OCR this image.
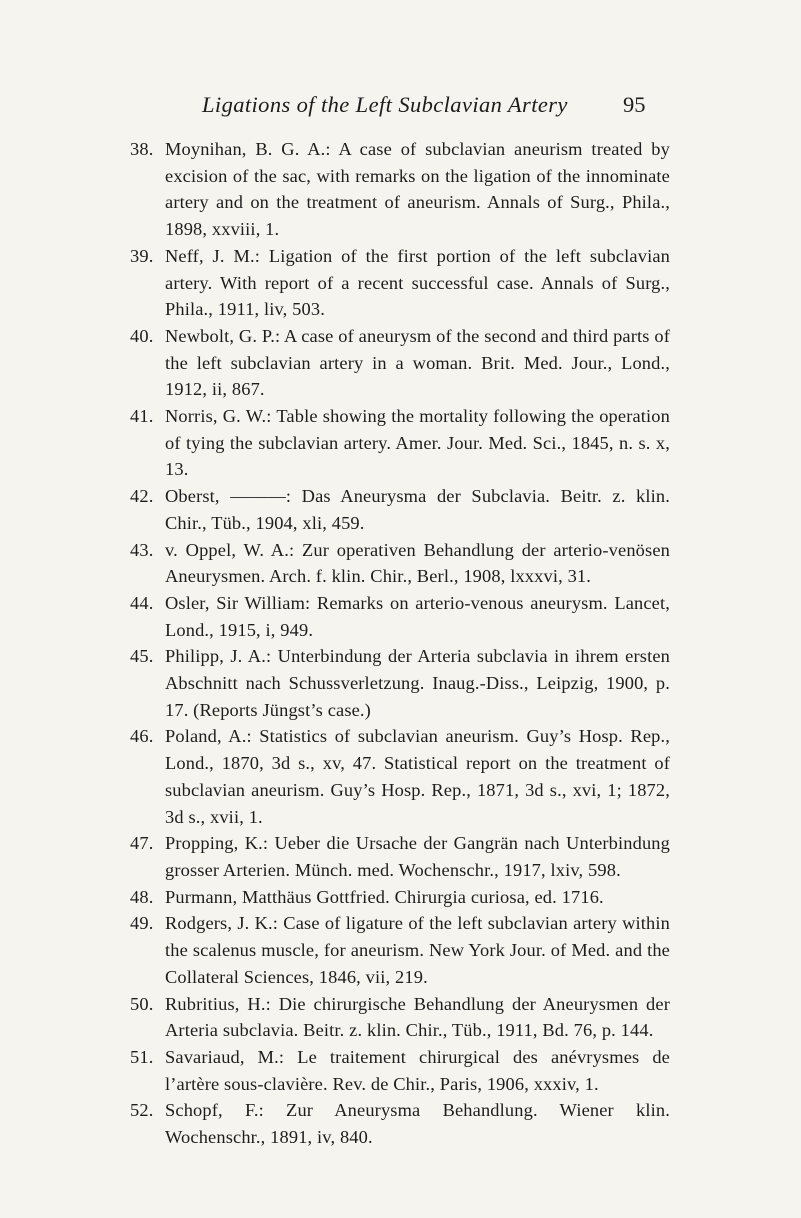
Ligations of the Left Subclavian Artery 95
38. Moynihan, B. G. A.: A case of subclavian aneurism treated by excision of the sac, with remarks on the ligation of the innominate artery and on the treatment of aneurism. Annals of Surg., Phila., 1898, xxviii, 1.
39. Neff, J. M.: Ligation of the first portion of the left subclavian artery. With report of a recent successful case. Annals of Surg., Phila., 1911, liv, 503.
40. Newbolt, G. P.: A case of aneurysm of the second and third parts of the left subclavian artery in a woman. Brit. Med. Jour., Lond., 1912, ii, 867.
41. Norris, G. W.: Table showing the mortality following the operation of tying the subclavian artery. Amer. Jour. Med. Sci., 1845, n. s. x, 13.
42. Oberst, ———: Das Aneurysma der Subclavia. Beitr. z. klin. Chir., Tüb., 1904, xli, 459.
43. v. Oppel, W. A.: Zur operativen Behandlung der arterio-venösen Aneurysmen. Arch. f. klin. Chir., Berl., 1908, lxxxvi, 31.
44. Osler, Sir William: Remarks on arterio-venous aneurysm. Lancet, Lond., 1915, i, 949.
45. Philipp, J. A.: Unterbindung der Arteria subclavia in ihrem ersten Abschnitt nach Schussverletzung. Inaug.-Diss., Leipzig, 1900, p. 17. (Reports Jüngst’s case.)
46. Poland, A.: Statistics of subclavian aneurism. Guy’s Hosp. Rep., Lond., 1870, 3d s., xv, 47. Statistical report on the treatment of subclavian aneurism. Guy’s Hosp. Rep., 1871, 3d s., xvi, 1; 1872, 3d s., xvii, 1.
47. Propping, K.: Ueber die Ursache der Gangrän nach Unterbindung grosser Arterien. Münch. med. Wochenschr., 1917, lxiv, 598.
48. Purmann, Matthäus Gottfried. Chirurgia curiosa, ed. 1716.
49. Rodgers, J. K.: Case of ligature of the left subclavian artery within the scalenus muscle, for aneurism. New York Jour. of Med. and the Collateral Sciences, 1846, vii, 219.
50. Rubritius, H.: Die chirurgische Behandlung der Aneurysmen der Arteria subclavia. Beitr. z. klin. Chir., Tüb., 1911, Bd. 76, p. 144.
51. Savariaud, M.: Le traitement chirurgical des anévrysmes de l’artère sous-clavière. Rev. de Chir., Paris, 1906, xxxiv, 1.
52. Schopf, F.: Zur Aneurysma Behandlung. Wiener klin. Wochenschr., 1891, iv, 840.
